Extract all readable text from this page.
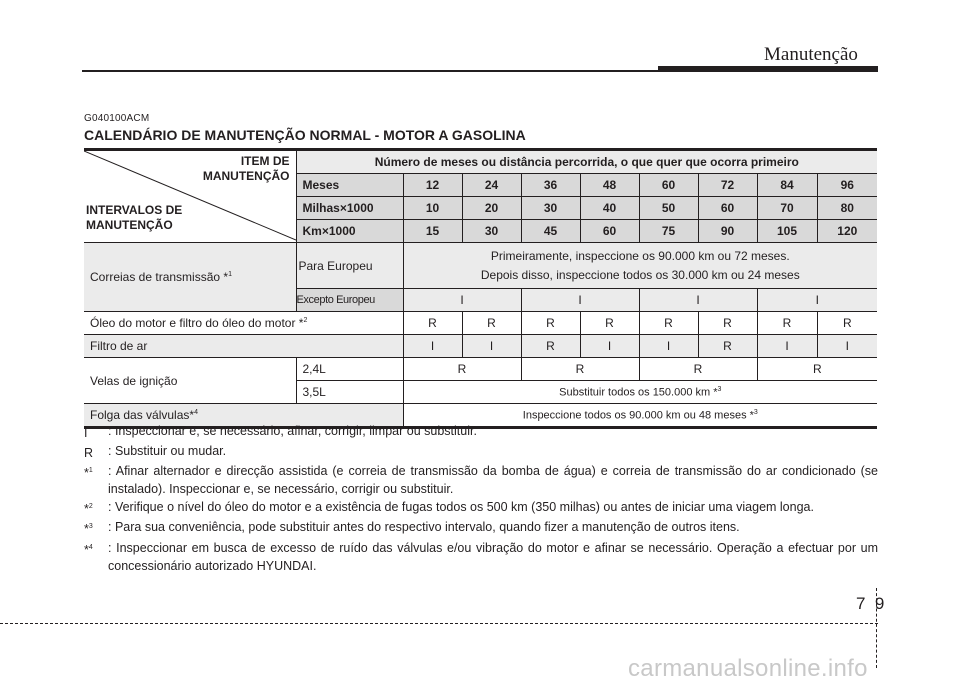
Manutenção
G040100ACM
CALENDÁRIO DE MANUTENÇÃO NORMAL - MOTOR A GASOLINA
ITEM DE
MANUTENÇÃO
INTERVALOS DE
MANUTENÇÃO	Número de meses ou distância percorrida, o que quer que ocorra primeiro								
	Meses	12	24	36	48	60	72	84	96
	Milhas×1000	10	20	30	40	50	60	70	80
	Km×1000	15	30	45	60	75	90	105	120
Correias de transmissão *$^1$	Para Europeu	Primeiramente, inspeccione os 90.000 km ou 72 meses.
Depois disso, inspeccione todos os 30.000 km ou 24 meses							

	Excepto Europeu	I		I		I		I	
Óleo do motor e filtro do óleo do motor *$^2$		R	R	R	R	R	R	R	R
Filtro de ar		I	I	R	I	I	R	I	I
Velas de ignição	2,4L	R		R		R		R	
	3,5L	Substituir todos os 150.000 km *$^3$
Folga das válvulas*$^4$		Inspeccione todos os 90.000 km ou 48 meses *$^3$
I	: Inspeccionar e, se necessário, afinar, corrigir, limpar ou substituir.
R	: Substituir ou mudar.
*$^1$	: Afinar alternador e direcção assistida (e correia de transmissão da bomba de água) e correia de transmissão do ar condicionado (se instalado). Inspeccionar e, se necessário, corrigir ou substituir.
*$^2$	: Verifique o nível do óleo do motor e a existência de fugas todos os 500 km (350 milhas) ou antes de iniciar uma viagem longa.
*$^3$	: Para sua conveniência, pode substituir antes do respectivo intervalo, quando fizer a manutenção de outros itens.
*$^4$	: Inspeccionar em busca de excesso de ruído das válvulas e/ou vibração do motor e afinar se necessário. Operação a efectuar por um concessionário autorizado HYUNDAI.
7 9
carmanualsonline.info
